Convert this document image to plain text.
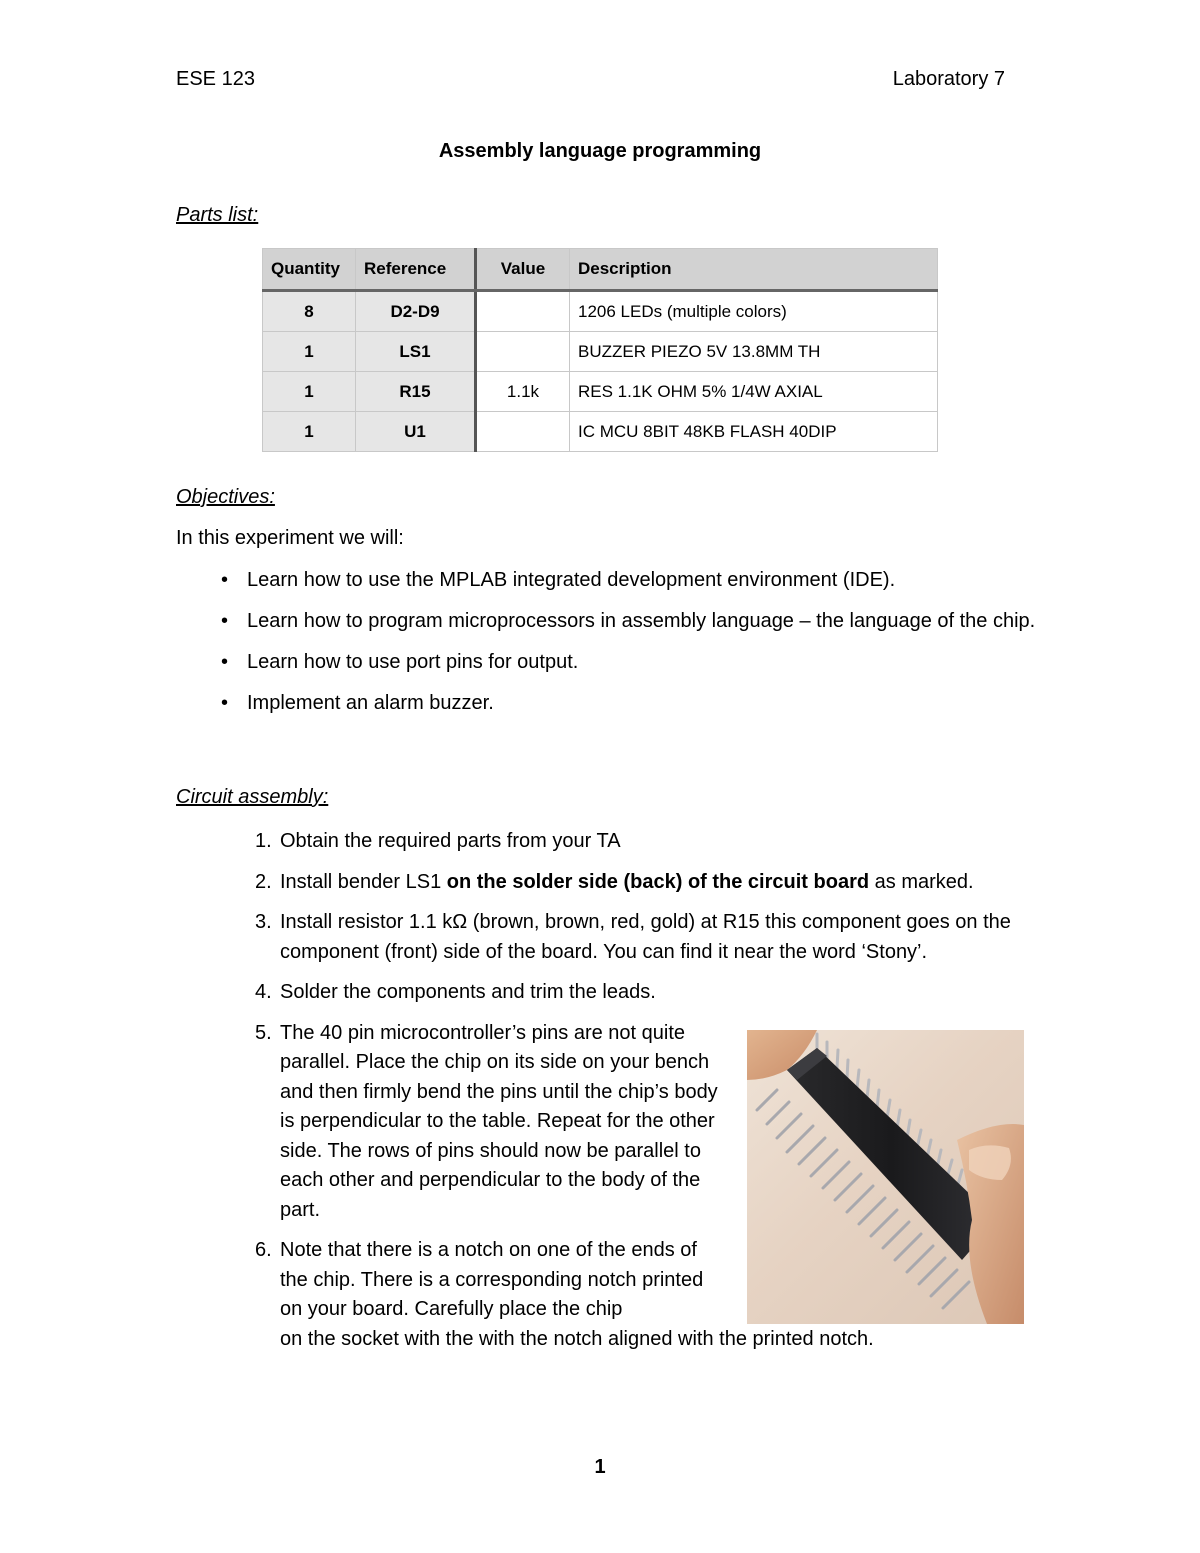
ESE 123	Laboratory 7
Assembly language programming
Parts list:
Quantity	Reference	Value	Description
8	D2-D9		1206 LEDs (multiple colors)
1	LS1		BUZZER PIEZO 5V 13.8MM TH
1	R15	1.1k	RES 1.1K OHM 5% 1/4W AXIAL
1	U1		IC MCU 8BIT 48KB FLASH 40DIP
Objectives:
In this experiment we will:
• Learn how to use the MPLAB integrated development environment (IDE).
• Learn how to program microprocessors in assembly language – the language of the chip.
• Learn how to use port pins for output.
• Implement an alarm buzzer.
Circuit assembly:
1. Obtain the required parts from your TA
2. Install bender LS1 on the solder side (back) of the circuit board as marked.
3. Install resistor 1.1 kΩ (brown, brown, red, gold) at R15 this component goes on the component (front) side of the board. You can find it near the word ‘Stony’.
4. Solder the components and trim the leads.
5. The 40 pin microcontroller’s pins are not quite parallel. Place the chip on its side on your bench and then firmly bend the pins until the chip’s body is perpendicular to the table. Repeat for the other side. The rows of pins should now be parallel to each other and perpendicular to the body of the part.
6. Note that there is a notch on one of the ends of the chip. There is a corresponding notch printed on your board. Carefully place the chip
on the socket with the with the notch aligned with the printed notch.
1
